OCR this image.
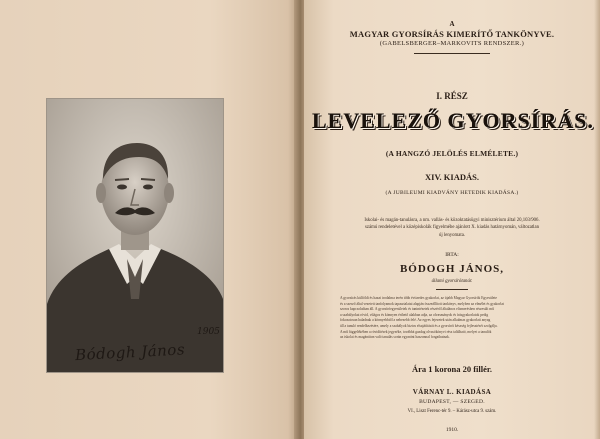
1905
Bódogh János
A
MAGYAR GYORSÍRÁS KIMERÍTŐ TANKÖNYVE.
(GABELSBERGER–MARKOVITS RENDSZER.)
I. RÉSZ
LEVELEZŐ GYORSÍRÁS.
(A HANGZÓ JELÖLÉS ELMÉLETE.)
XIV. KIADÁS.
(A JUBILEUMI KIADVÁNY HETEDIK KIADÁSA.)
Iskolai- és magán-tanulásra, a nm. vallás- és közoktatásügyi minisztérium által 20,103/906.
számú rendeletével a középiskolák figyelmébe ajánlott X. kiadás határnyomán, változatlan
új lenyomata.
IRTA:
BÓDOGH JÁNOS,
állami gyorsírótanár.
A gyorsírás külföldi és hazai irodalma terén több évtizedes gyakorlat, az újabb Magyar Gyorsírók Egyesülete
és a szerző által vezetett tanfolyamok tapasztalatai alapján összeállított tankönyv, melyben az elmélet és gyakorlat
szoros kapcsolatban áll. A gyorsíróegyesületek és tanintézetek részéről általános elismerésben részesült mű
a szabályokat rövid, világos és könnyen érthető alakban adja, az olvasmányok és írásgyakorlatok pedig
fokozatosan haladnak a könnyebbtől a nehezebb felé. Az egyes fejezetek után alkalmas gyakorlati anyag
áll a tanuló rendelkezésére, amely a szabályok biztos elsajátítását és a gyorsírói készség fejlesztését szolgálja.
A mű függelékében a rövidítések jegyzéke, továbbá gazdag olvasókönyvi rész található, melyet a tanulók
az iskolai és magánúton való tanulás során egyaránt haszonnal forgathatnak.
Ára 1 korona 20 fillér.
VÁRNAY L. KIADÁSA
BUDAPEST, — SZEGED.
VI., Liszt Ferenc-tér 9. – Kárász-utca 9. szám.
1910.
